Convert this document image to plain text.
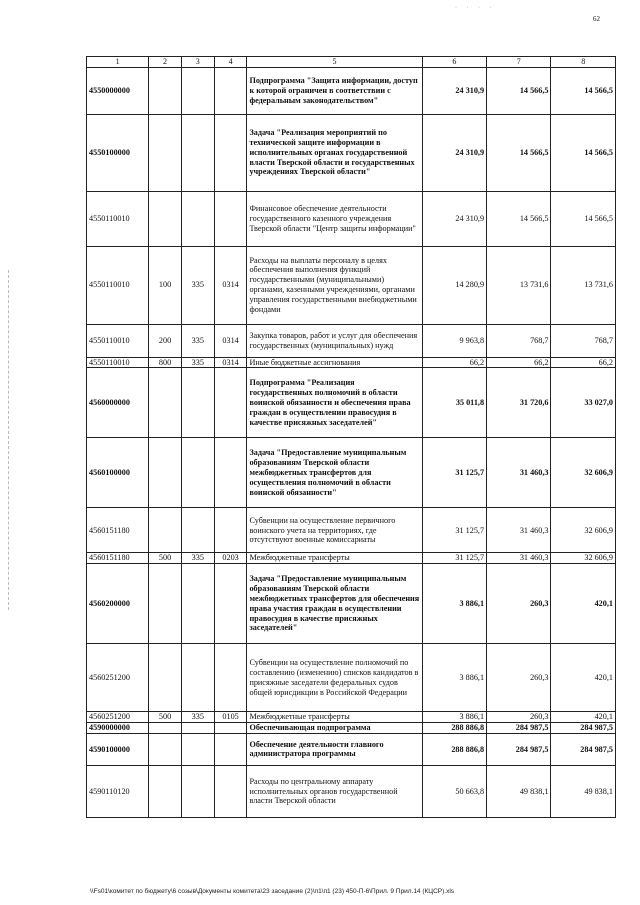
· · · ·
62
1	2	3	4	5	6	7	8
4550000000				Подпрограмма "Защита информации, доступ к которой ограничен в соответствии с федеральным законодательством"	24 310,9	14 566,5	14 566,5
4550100000				Задача "Реализация мероприятий по технической защите информации в исполнительных органах государственной власти Тверской области и государственных учреждениях Тверской области"	24 310,9	14 566,5	14 566,5
4550110010				Финансовое обеспечение деятельности государственного казенного учреждения Тверской области "Центр защиты информации"	24 310,9	14 566,5	14 566,5
4550110010	100	335	0314	Расходы на выплаты персоналу в целях обеспечения выполнения функций государственными (муниципальными) органами, казенными учреждениями, органами управления государственными внебюджетными фондами	14 280,9	13 731,6	13 731,6
4550110010	200	335	0314	Закупка товаров, работ и услуг для обеспечения государственных (муниципальных) нужд	9 963,8	768,7	768,7
4550110010	800	335	0314	Иные бюджетные ассигнования	66,2	66,2	66,2
4560000000				Подпрограмма "Реализация государственных полномочий в области воинской обязанности и обеспечения права граждан в осуществлении правосудия в качестве присяжных заседателей"	35 011,8	31 720,6	33 027,0
4560100000				Задача "Предоставление муниципальным образованиям Тверской области межбюджетных трансфертов для осуществления полномочий в области воинской обязанности"	31 125,7	31 460,3	32 606,9
4560151180				Субвенции на осуществление первичного воинского учета на территориях, где отсутствуют военные комиссариаты	31 125,7	31 460,3	32 606,9
4560151180	500	335	0203	Межбюджетные трансферты	31 125,7	31 460,3	32 606,9
4560200000				Задача "Предоставление муниципальным образованиям Тверской области межбюджетных трансфертов для обеспечения права участия граждан в осуществлении правосудия в качестве присяжных заседателей"	3 886,1	260,3	420,1
4560251200				Субвенции на осуществление полномочий по составлению (изменению) списков кандидатов в присяжные заседатели федеральных судов общей юрисдикции в Российской Федерации	3 886,1	260,3	420,1
4560251200	500	335	0105	Межбюджетные трансферты	3 886,1	260,3	420,1
4590000000				Обеспечивающая подпрограмма	288 886,8	284 987,5	284 987,5
4590100000				Обеспечение деятельности главного администратора программы	288 886,8	284 987,5	284 987,5
4590110120				Расходы по центральному аппарату исполнительных органов государственной власти Тверской области	50 663,8	49 838,1	49 838,1
\\Fs01\комитет по бюджету\6 созыв\Документы комитета\23 заседание (2)\п1\п1 (23) 450-П-6\Прил. 9 Прил.14 (КЦСР).xls
